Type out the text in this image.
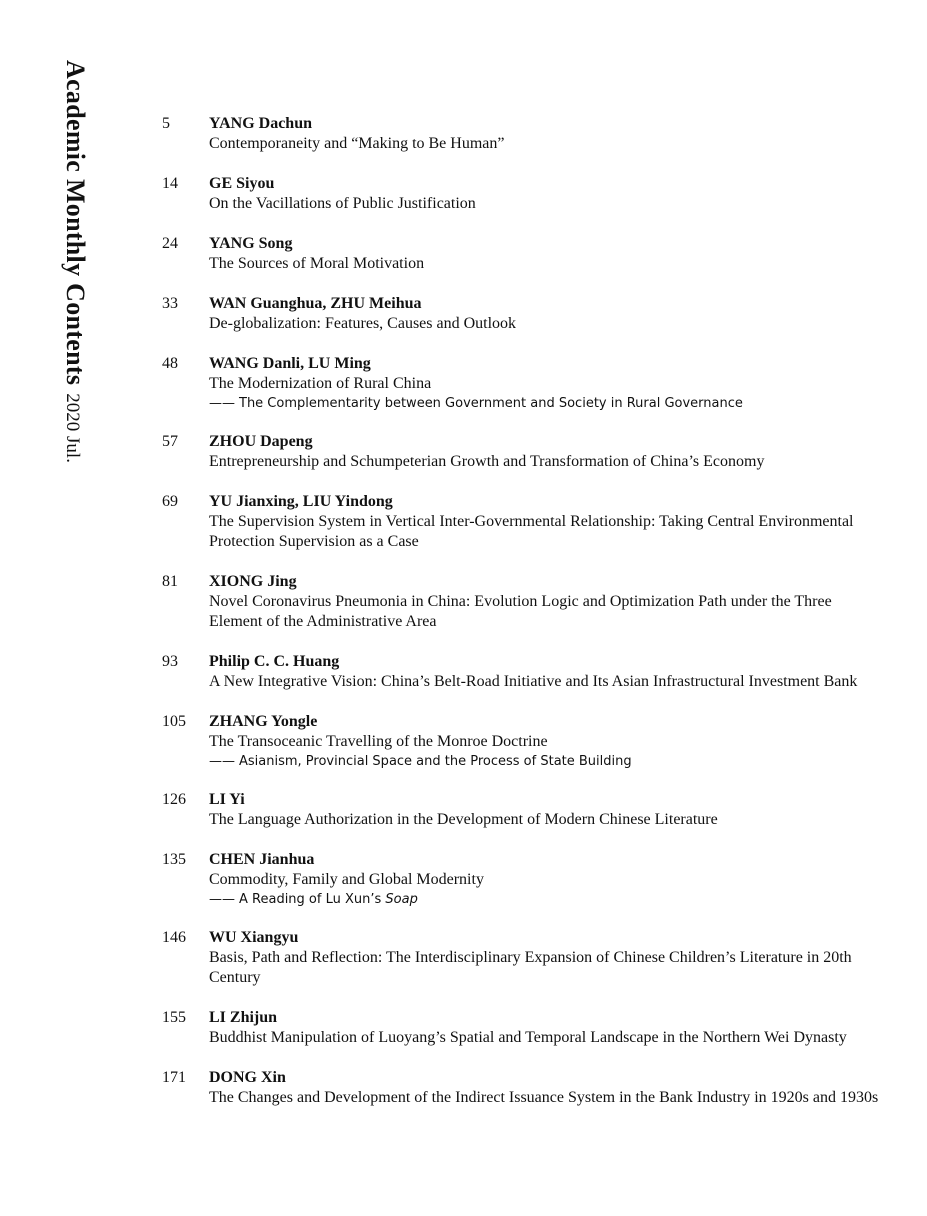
Academic Monthly Contents2020 Jul.
5	YANG Dachun
Contemporaneity and “Making to Be Human”
14	GE Siyou
On the Vacillations of Public Justification
24	YANG Song
The Sources of Moral Motivation
33	WAN Guanghua, ZHU Meihua
De-globalization: Features, Causes and Outlook
48	WANG Danli, LU Ming
The Modernization of Rural China
—— The Complementarity between Government and Society in Rural Governance
57	ZHOU Dapeng
Entrepreneurship and Schumpeterian Growth and Transformation of China’s Economy
69	YU Jianxing, LIU Yindong
The Supervision System in Vertical Inter-Governmental Relationship: Taking Central Environmental Protection Supervision as a Case
81	XIONG Jing
Novel Coronavirus Pneumonia in China: Evolution Logic and Optimization Path under the Three Element of the Administrative Area
93	Philip C. C. Huang
A New Integrative Vision: China’s Belt-Road Initiative and Its Asian Infrastructural Investment Bank
105	ZHANG Yongle
The Transoceanic Travelling of the Monroe Doctrine
—— Asianism, Provincial Space and the Process of State Building
126	LI Yi
The Language Authorization in the Development of Modern Chinese Literature
135	CHEN Jianhua
Commodity, Family and Global Modernity
—— A Reading of Lu Xun’s Soap
146	WU Xiangyu
Basis, Path and Reflection: The Interdisciplinary Expansion of Chinese Children’s Literature in 20th Century
155	LI Zhijun
Buddhist Manipulation of Luoyang’s Spatial and Temporal Landscape in the Northern Wei Dynasty
171	DONG Xin
The Changes and Development of the Indirect Issuance System in the Bank Industry in 1920s and 1930s
